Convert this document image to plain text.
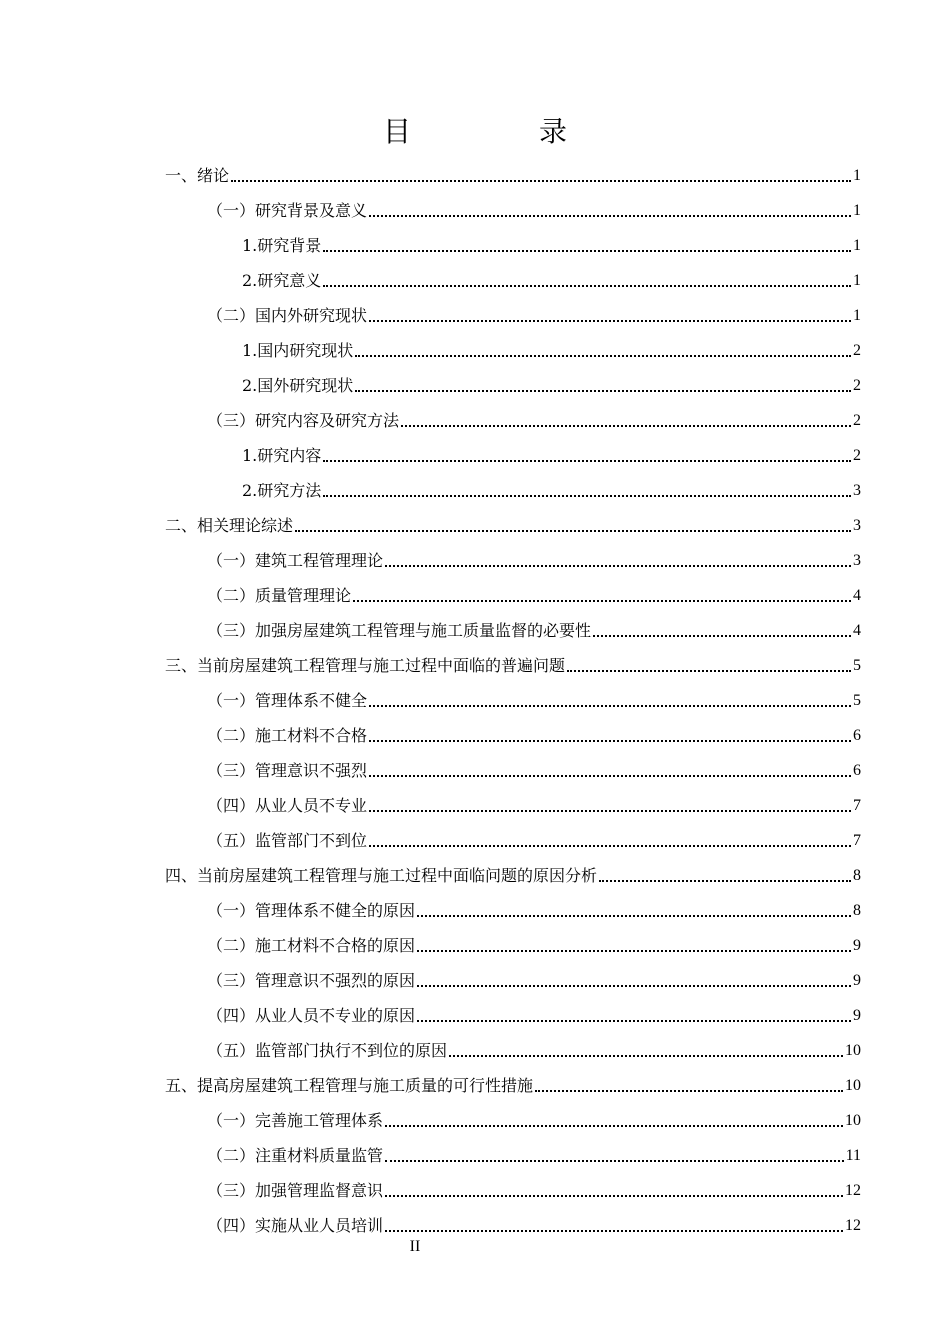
目　录
一、绪论	1
（一）研究背景及意义	1
1.研究背景	1
2.研究意义	1
（二）国内外研究现状	1
1.国内研究现状	2
2.国外研究现状	2
（三）研究内容及研究方法	2
1.研究内容	2
2.研究方法	3
二、相关理论综述	3
（一）建筑工程管理理论	3
（二）质量管理理论	4
（三）加强房屋建筑工程管理与施工质量监督的必要性	4
三、当前房屋建筑工程管理与施工过程中面临的普遍问题	5
（一）管理体系不健全	5
（二）施工材料不合格	6
（三）管理意识不强烈	6
（四）从业人员不专业	7
（五）监管部门不到位	7
四、当前房屋建筑工程管理与施工过程中面临问题的原因分析	8
（一）管理体系不健全的原因	8
（二）施工材料不合格的原因	9
（三）管理意识不强烈的原因	9
（四）从业人员不专业的原因	9
（五）监管部门执行不到位的原因	10
五、提高房屋建筑工程管理与施工质量的可行性措施	10
（一）完善施工管理体系	10
（二）注重材料质量监管	11
（三）加强管理监督意识	12
（四）实施从业人员培训	12
II
